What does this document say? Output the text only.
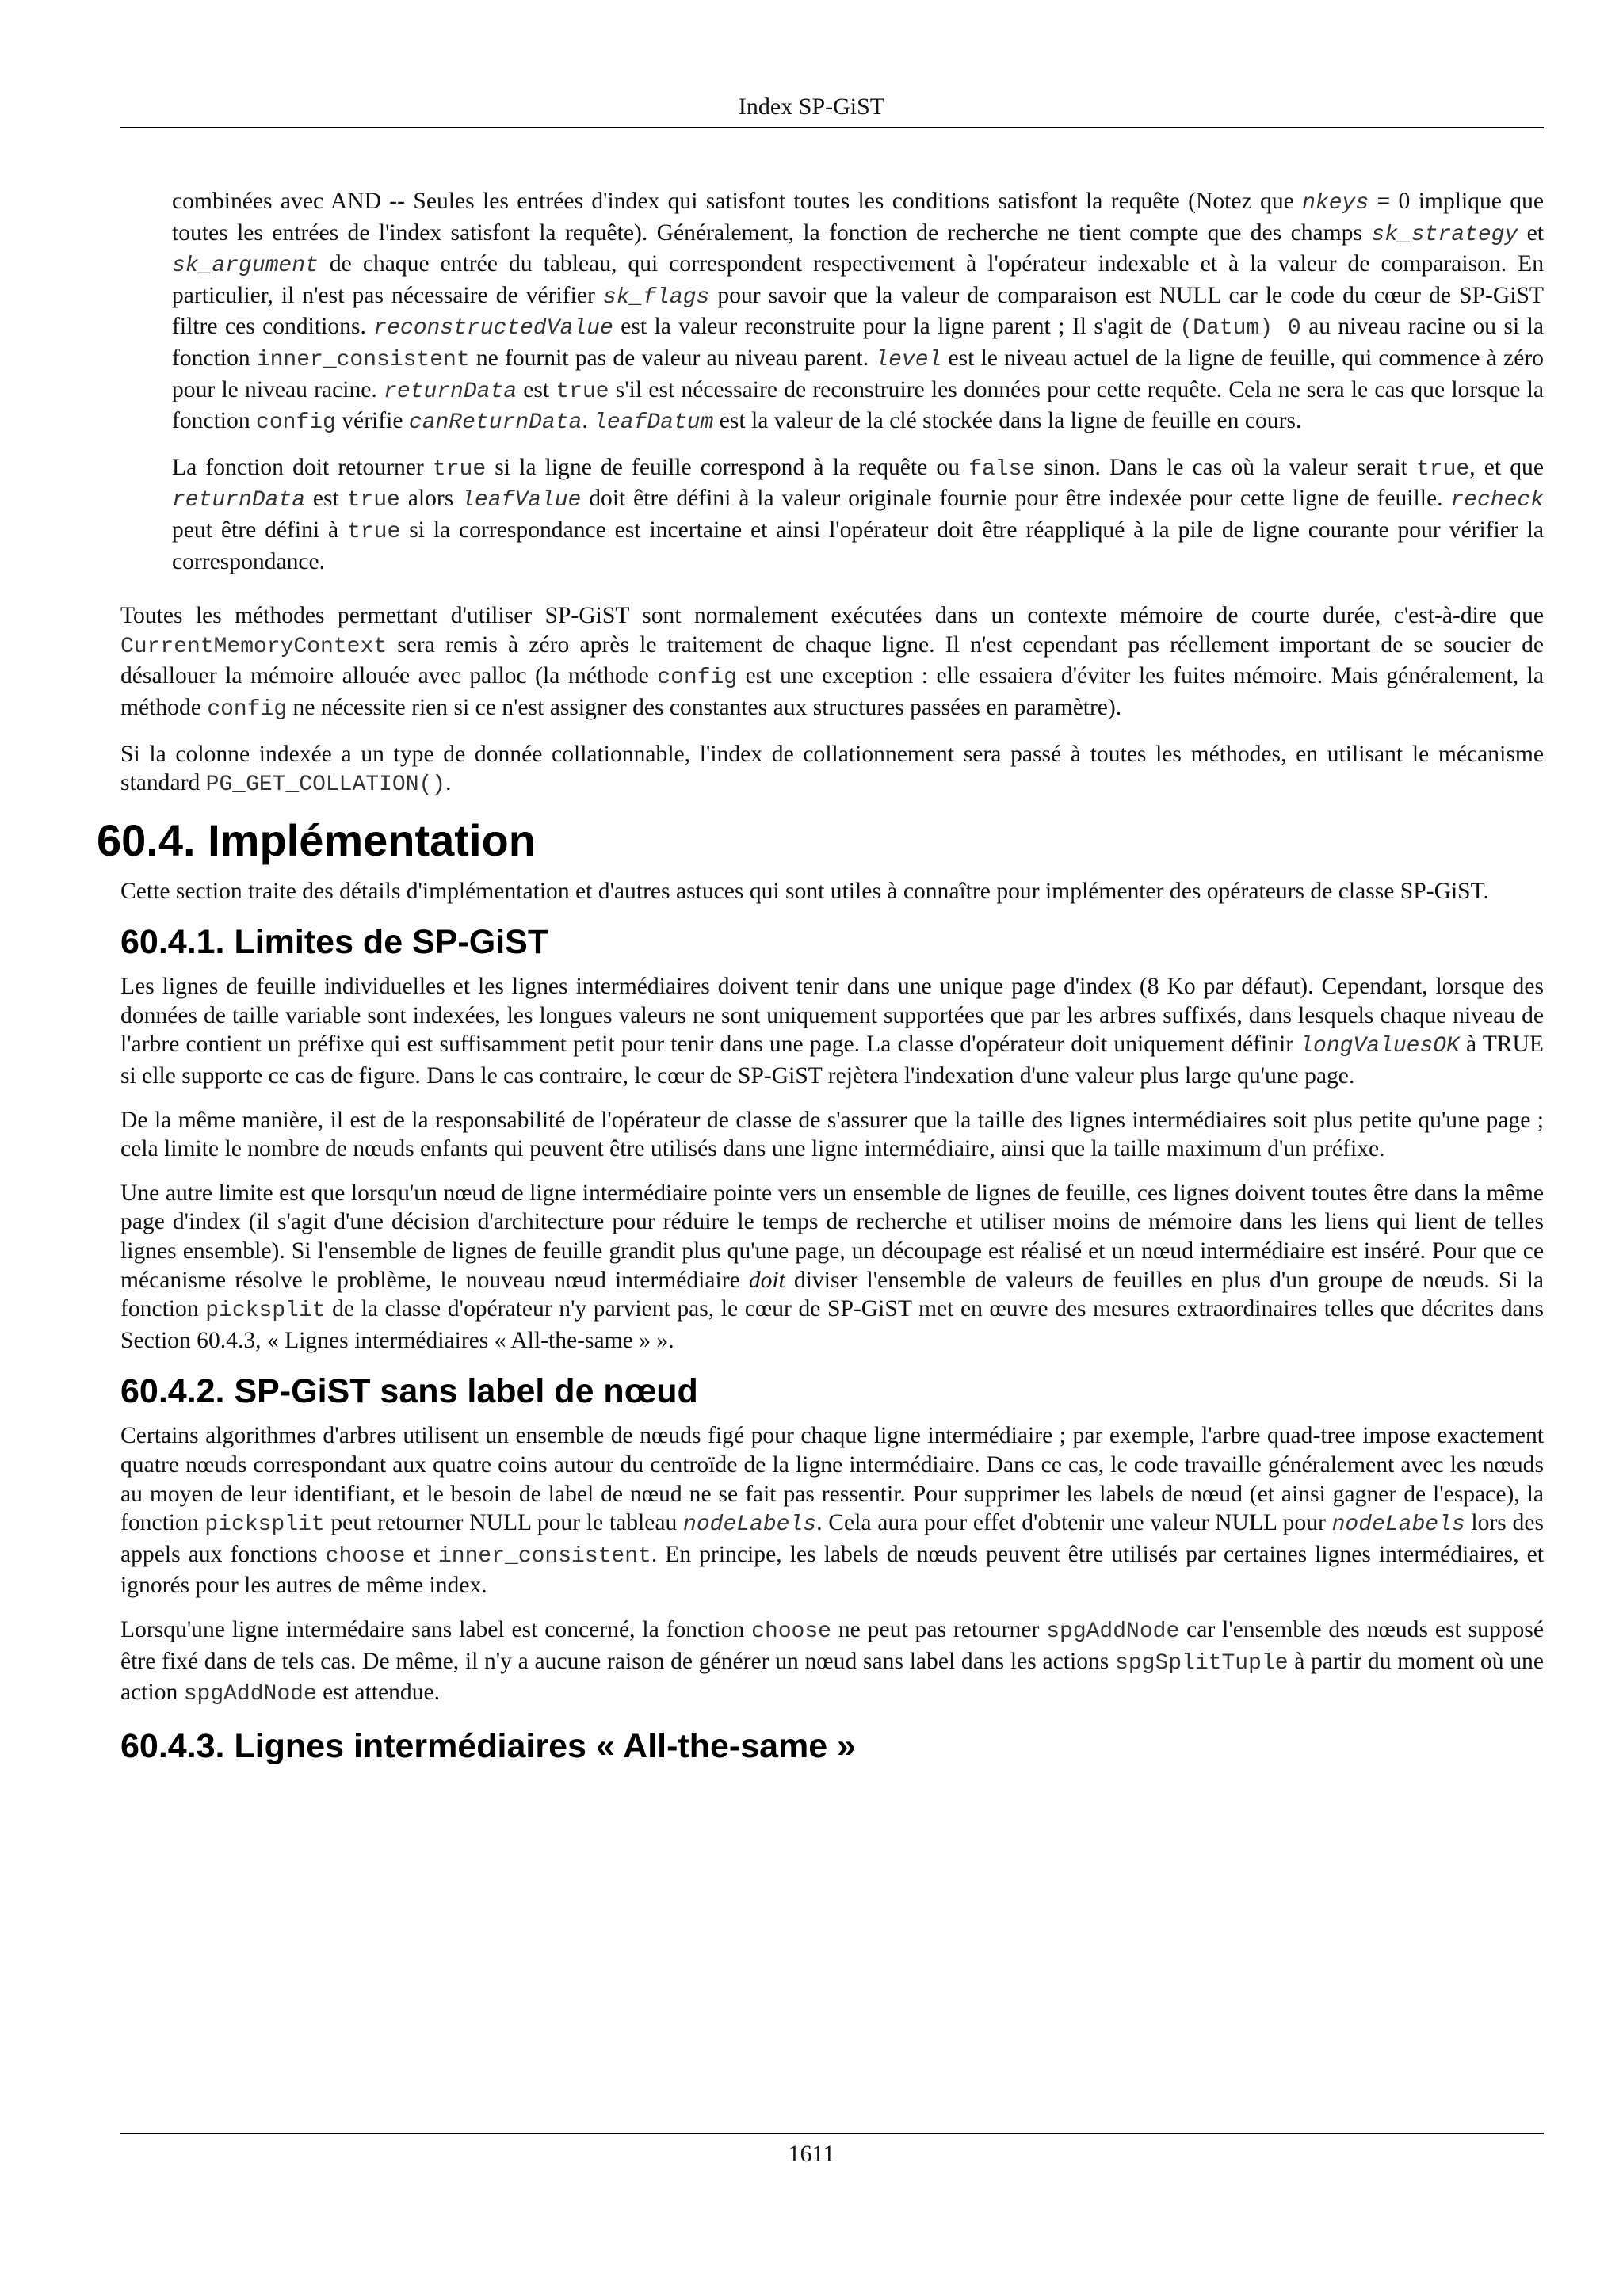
Index SP-GiST

combinées avec AND -- Seules les entrées d'index qui satisfont toutes les conditions satisfont la requête (Notez que nkeys = 0 implique que toutes les entrées de l'index satisfont la requête). Généralement, la fonction de recherche ne tient compte que des champs sk_strategy et sk_argument de chaque entrée du tableau, qui correspondent respectivement à l'opérateur indexable et à la valeur de comparaison. En particulier, il n'est pas nécessaire de vérifier sk_flags pour savoir que la valeur de comparaison est NULL car le code du cœur de SP-GiST filtre ces conditions. reconstructedValue est la valeur reconstruite pour la ligne parent ; Il s'agit de (Datum) 0 au niveau racine ou si la fonction inner_consistent ne fournit pas de valeur au niveau parent. level est le niveau actuel de la ligne de feuille, qui commence à zéro pour le niveau racine. returnData est true s'il est nécessaire de reconstruire les données pour cette requête. Cela ne sera le cas que lorsque la fonction config vérifie canReturnData. leafDatum est la valeur de la clé stockée dans la ligne de feuille en cours.

La fonction doit retourner true si la ligne de feuille correspond à la requête ou false sinon. Dans le cas où la valeur serait true, et que returnData est true alors leafValue doit être défini à la valeur originale fournie pour être indexée pour cette ligne de feuille. recheck peut être défini à true si la correspondance est incertaine et ainsi l'opérateur doit être réappliqué à la pile de ligne courante pour vérifier la correspondance.

Toutes les méthodes permettant d'utiliser SP-GiST sont normalement exécutées dans un contexte mémoire de courte durée, c'est-à-dire que CurrentMemoryContext sera remis à zéro après le traitement de chaque ligne. Il n'est cependant pas réellement important de se soucier de désallouer la mémoire allouée avec palloc (la méthode config est une exception : elle essaiera d'éviter les fuites mémoire. Mais généralement, la méthode config ne nécessite rien si ce n'est assigner des constantes aux structures passées en paramètre).

Si la colonne indexée a un type de donnée collationnable, l'index de collationnement sera passé à toutes les méthodes, en utilisant le mécanisme standard PG_GET_COLLATION().

60.4. Implémentation

Cette section traite des détails d'implémentation et d'autres astuces qui sont utiles à connaître pour implémenter des opérateurs de classe SP-GiST.

60.4.1. Limites de SP-GiST

Les lignes de feuille individuelles et les lignes intermédiaires doivent tenir dans une unique page d'index (8 Ko par défaut). Cependant, lorsque des données de taille variable sont indexées, les longues valeurs ne sont uniquement supportées que par les arbres suffixés, dans lesquels chaque niveau de l'arbre contient un préfixe qui est suffisamment petit pour tenir dans une page. La classe d'opérateur doit uniquement définir longValuesOK à TRUE si elle supporte ce cas de figure. Dans le cas contraire, le cœur de SP-GiST rejètera l'indexation d'une valeur plus large qu'une page.

De la même manière, il est de la responsabilité de l'opérateur de classe de s'assurer que la taille des lignes intermédiaires soit plus petite qu'une page ; cela limite le nombre de nœuds enfants qui peuvent être utilisés dans une ligne intermédiaire, ainsi que la taille maximum d'un préfixe.

Une autre limite est que lorsqu'un nœud de ligne intermédiaire pointe vers un ensemble de lignes de feuille, ces lignes doivent toutes être dans la même page d'index (il s'agit d'une décision d'architecture pour réduire le temps de recherche et utiliser moins de mémoire dans les liens qui lient de telles lignes ensemble). Si l'ensemble de lignes de feuille grandit plus qu'une page, un découpage est réalisé et un nœud intermédiaire est inséré. Pour que ce mécanisme résolve le problème, le nouveau nœud intermédiaire doit diviser l'ensemble de valeurs de feuilles en plus d'un groupe de nœuds. Si la fonction picksplit de la classe d'opérateur n'y parvient pas, le cœur de SP-GiST met en œuvre des mesures extraordinaires telles que décrites dans Section 60.4.3, « Lignes intermédiaires « All-the-same » ».

60.4.2. SP-GiST sans label de nœud

Certains algorithmes d'arbres utilisent un ensemble de nœuds figé pour chaque ligne intermédiaire ; par exemple, l'arbre quad-tree impose exactement quatre nœuds correspondant aux quatre coins autour du centroïde de la ligne intermédiaire. Dans ce cas, le code travaille généralement avec les nœuds au moyen de leur identifiant, et le besoin de label de nœud ne se fait pas ressentir. Pour supprimer les labels de nœud (et ainsi gagner de l'espace), la fonction picksplit peut retourner NULL pour le tableau nodeLabels. Cela aura pour effet d'obtenir une valeur NULL pour nodeLabels lors des appels aux fonctions choose et inner_consistent. En principe, les labels de nœuds peuvent être utilisés par certaines lignes intermédiaires, et ignorés pour les autres de même index.

Lorsqu'une ligne intermédaire sans label est concerné, la fonction choose ne peut pas retourner spgAddNode car l'ensemble des nœuds est supposé être fixé dans de tels cas. De même, il n'y a aucune raison de générer un nœud sans label dans les actions spgSplitTuple à partir du moment où une action spgAddNode est attendue.

60.4.3. Lignes intermédiaires « All-the-same »
1611
